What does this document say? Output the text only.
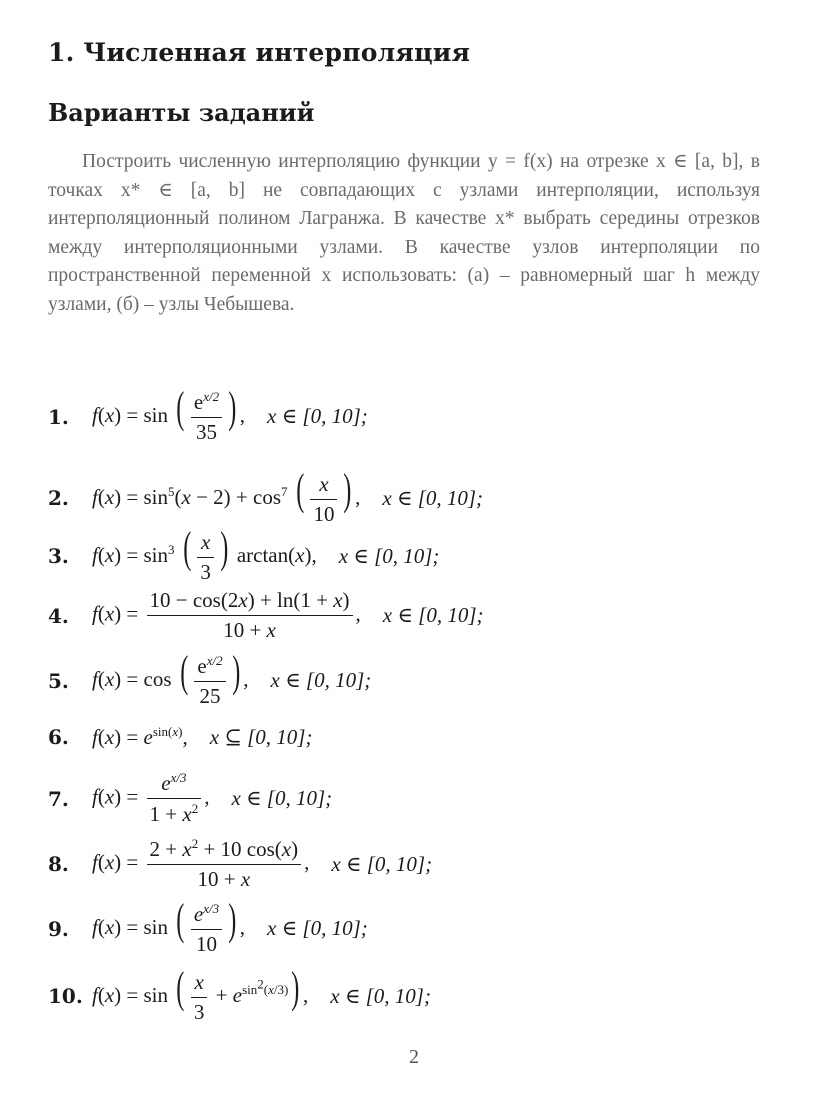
1. Численная интерполяция
Варианты заданий

Построить численную интерполяцию функции y = f(x) на отрезке x ∈ [a, b], в точках x* ∈ [a, b] не совпадающих с узлами интерполяции, используя интерполяционный полином Лагранжа. В качестве x* выбрать середины отрезков между интерполяционными узлами. В качестве узлов интерполяции по пространственной переменной x использовать: (а) – равномерный шаг h между узлами, (б) – узлы Чебышева.

1.	f(x) = sin ( $\frac{e^{x/2}}{35}$ ) , x ∈ [0, 10];
2.	$f(x) = \sin^5(x - 2) + \cos^7$ ( $\frac{x}{10}$ ) , x ∈ [0, 10];
3.	$f(x) = \sin^3$ ( $\frac{x}{3}$ ) arctan(x), x ∈ [0, 10];
4.	$f(x) = \frac{10 - \cos(2x) + \ln(1 + x)}{10 + x}$ , x ∈ [0, 10];
5.	f(x) = cos ( $\frac{e^{x/2}}{25}$ ) , x ∈ [0, 10];
6.	$f(x) = e^{sin(x)}$, x ⊆ [0, 10];
7.	$f(x) = \frac{e^{x/3}}{1 + x^2}$ , x ∈ [0, 10];
8.	$f(x) = \frac{2 + x^2 + 10 \cos(x)}{10 + x}$ , x ∈ [0, 10];
9.	f(x) = sin ( $\frac{e^{x/3}}{10}$ ) , x ∈ [0, 10];
10. f(x) = sin ( $\frac{x}{3} + e^{sin^2(x/3)}$) , x ∈ [0, 10];
2
